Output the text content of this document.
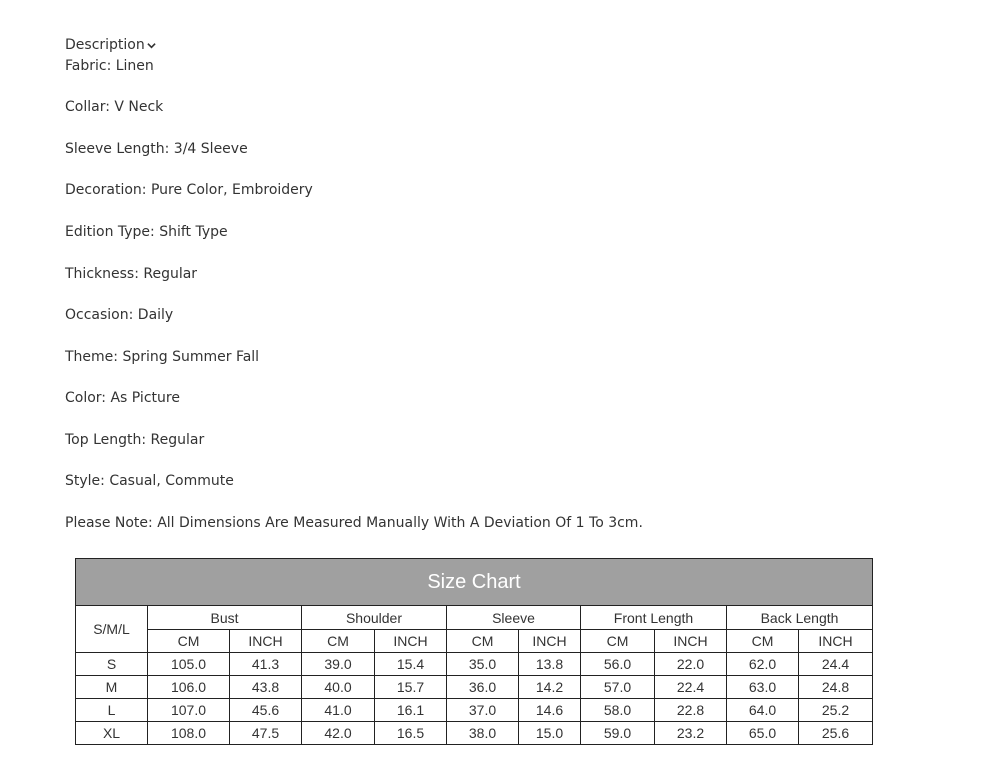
Description
Fabric: Linen
Collar: V Neck
Sleeve Length: 3/4 Sleeve
Decoration: Pure Color, Embroidery
Edition Type: Shift Type
Thickness: Regular
Occasion: Daily
Theme: Spring Summer Fall
Color: As Picture
Top Length: Regular
Style: Casual, Commute
Please Note: All Dimensions Are Measured Manually With A Deviation Of 1 To 3cm.
Size Chart										
S/M/L	Bust		Shoulder		Sleeve		Front Length		Back Length	
	CM	INCH	CM	INCH	CM	INCH	CM	INCH	CM	INCH
S	105.0	41.3	39.0	15.4	35.0	13.8	56.0	22.0	62.0	24.4
M	106.0	43.8	40.0	15.7	36.0	14.2	57.0	22.4	63.0	24.8
L	107.0	45.6	41.0	16.1	37.0	14.6	58.0	22.8	64.0	25.2
XL	108.0	47.5	42.0	16.5	38.0	15.0	59.0	23.2	65.0	25.6
